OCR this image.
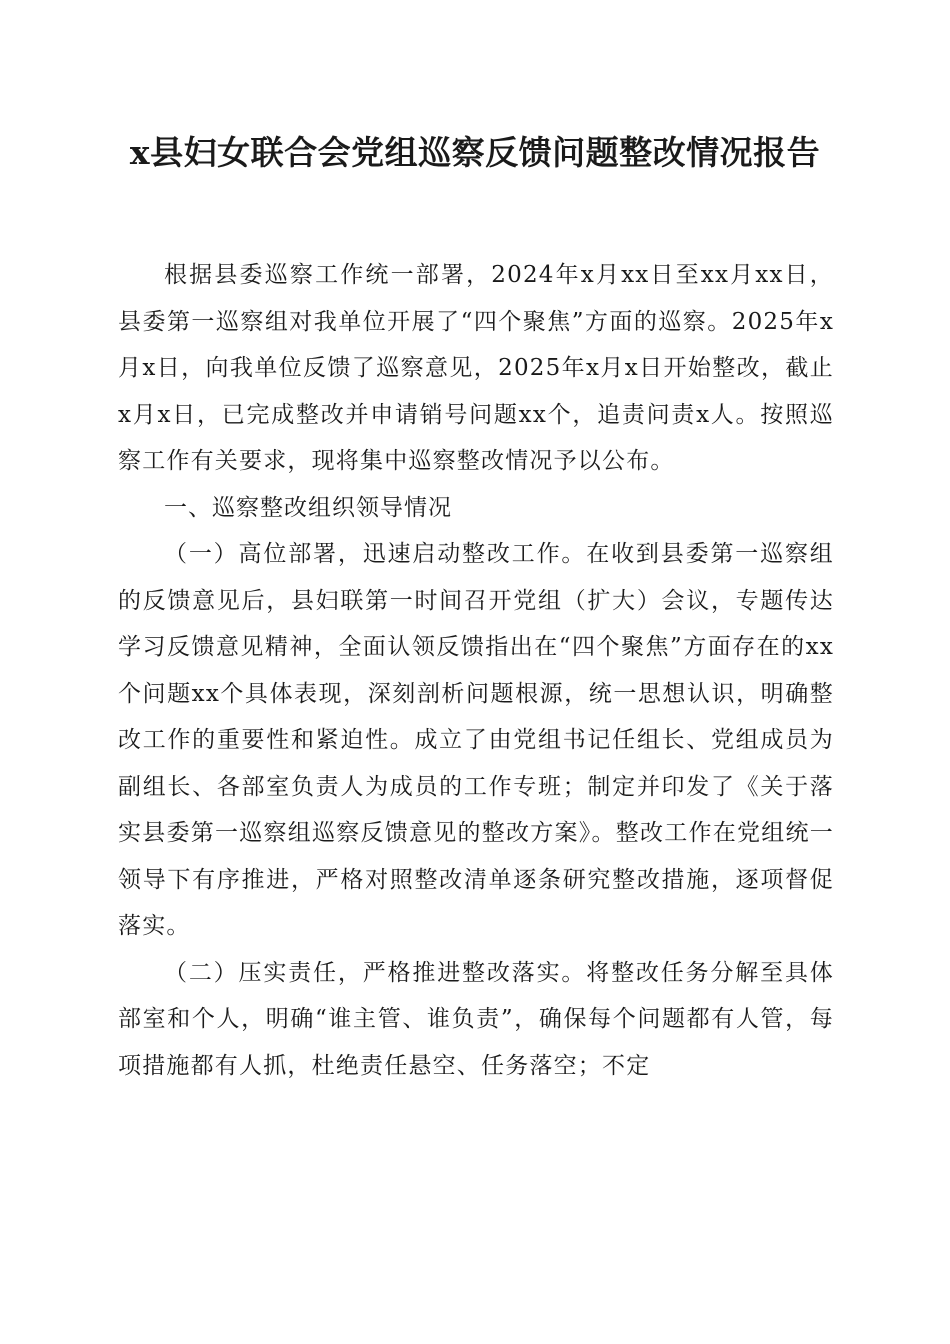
x县妇女联合会党组巡察反馈问题整改情况报告

根据县委巡察工作统一部署，2024年x月xx日至xx月xx日，县委第一巡察组对我单位开展了“四个聚焦”方面的巡察。2025年x月x日，向我单位反馈了巡察意见，2025年x月x日开始整改，截止x月x日，已完成整改并申请销号问题xx个，追责问责x人。按照巡察工作有关要求，现将集中巡察整改情况予以公布。

一、巡察整改组织领导情况

（一）高位部署，迅速启动整改工作。在收到县委第一巡察组的反馈意见后，县妇联第一时间召开党组（扩大）会议，专题传达学习反馈意见精神，全面认领反馈指出在“四个聚焦”方面存在的xx个问题xx个具体表现，深刻剖析问题根源，统一思想认识，明确整改工作的重要性和紧迫性。成立了由党组书记任组长、党组成员为副组长、各部室负责人为成员的工作专班；制定并印发了《关于落实县委第一巡察组巡察反馈意见的整改方案》。整改工作在党组统一领导下有序推进，严格对照整改清单逐条研究整改措施，逐项督促落实。

（二）压实责任，严格推进整改落实。将整改任务分解至具体部室和个人，明确“谁主管、谁负责”，确保每个问题都有人管，每项措施都有人抓，杜绝责任悬空、任务落空；不定
